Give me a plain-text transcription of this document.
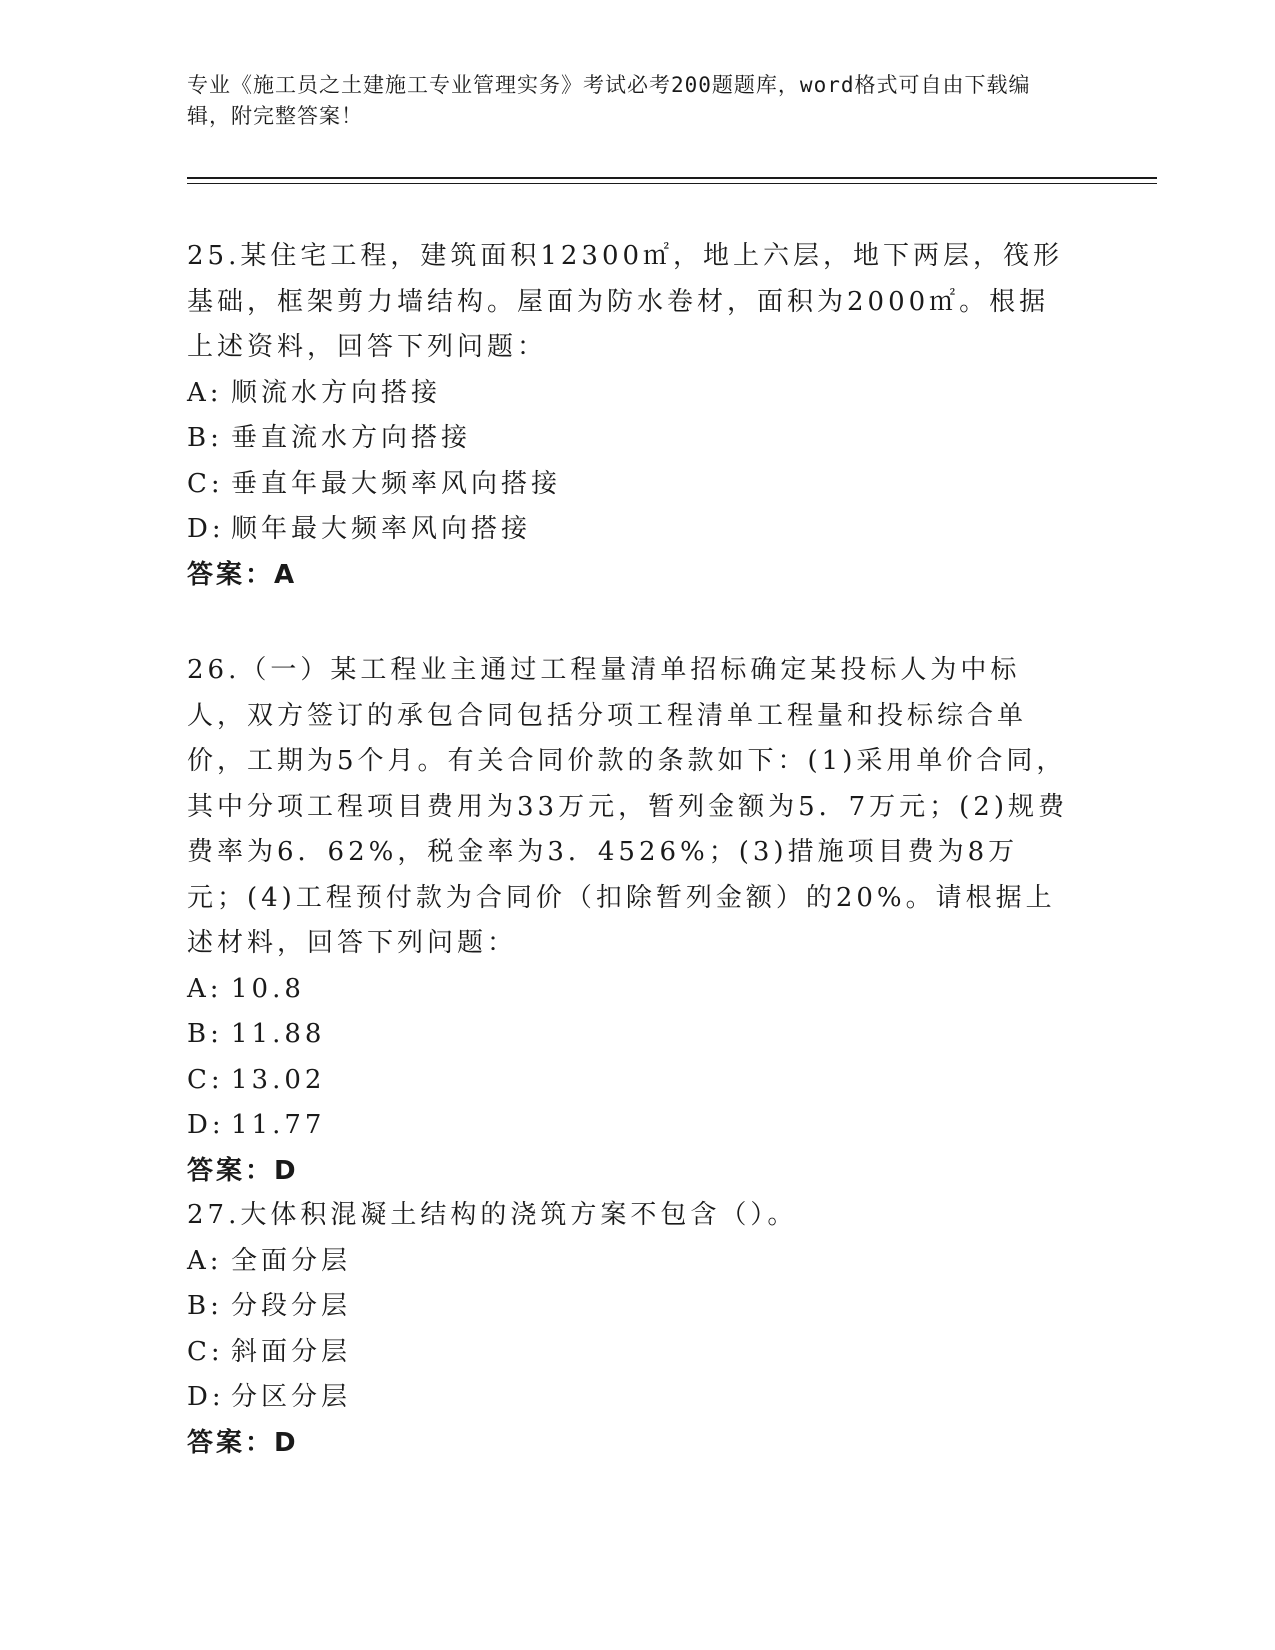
专业《施工员之土建施工专业管理实务》考试必考200题题库，word格式可自由下载编辑，附完整答案！
25.某住宅工程，建筑面积12300㎡，地上六层，地下两层，筏形基础，框架剪力墙结构。屋面为防水卷材，面积为2000㎡。根据上述资料，回答下列问题：
A: 顺流水方向搭接
B: 垂直流水方向搭接
C: 垂直年最大频率风向搭接
D: 顺年最大频率风向搭接
答案：A
26.（一）某工程业主通过工程量清单招标确定某投标人为中标人，双方签订的承包合同包括分项工程清单工程量和投标综合单价，工期为5个月。有关合同价款的条款如下：(1)采用单价合同，其中分项工程项目费用为33万元，暂列金额为5．7万元；(2)规费费率为6．62%，税金率为3．4526%；(3)措施项目费为8万元；(4)工程预付款为合同价（扣除暂列金额）的20%。请根据上述材料，回答下列问题：
A: 10.8
B: 11.88
C: 13.02
D: 11.77
答案：D
27.大体积混凝土结构的浇筑方案不包含（）。
A: 全面分层
B: 分段分层
C: 斜面分层
D: 分区分层
答案：D
